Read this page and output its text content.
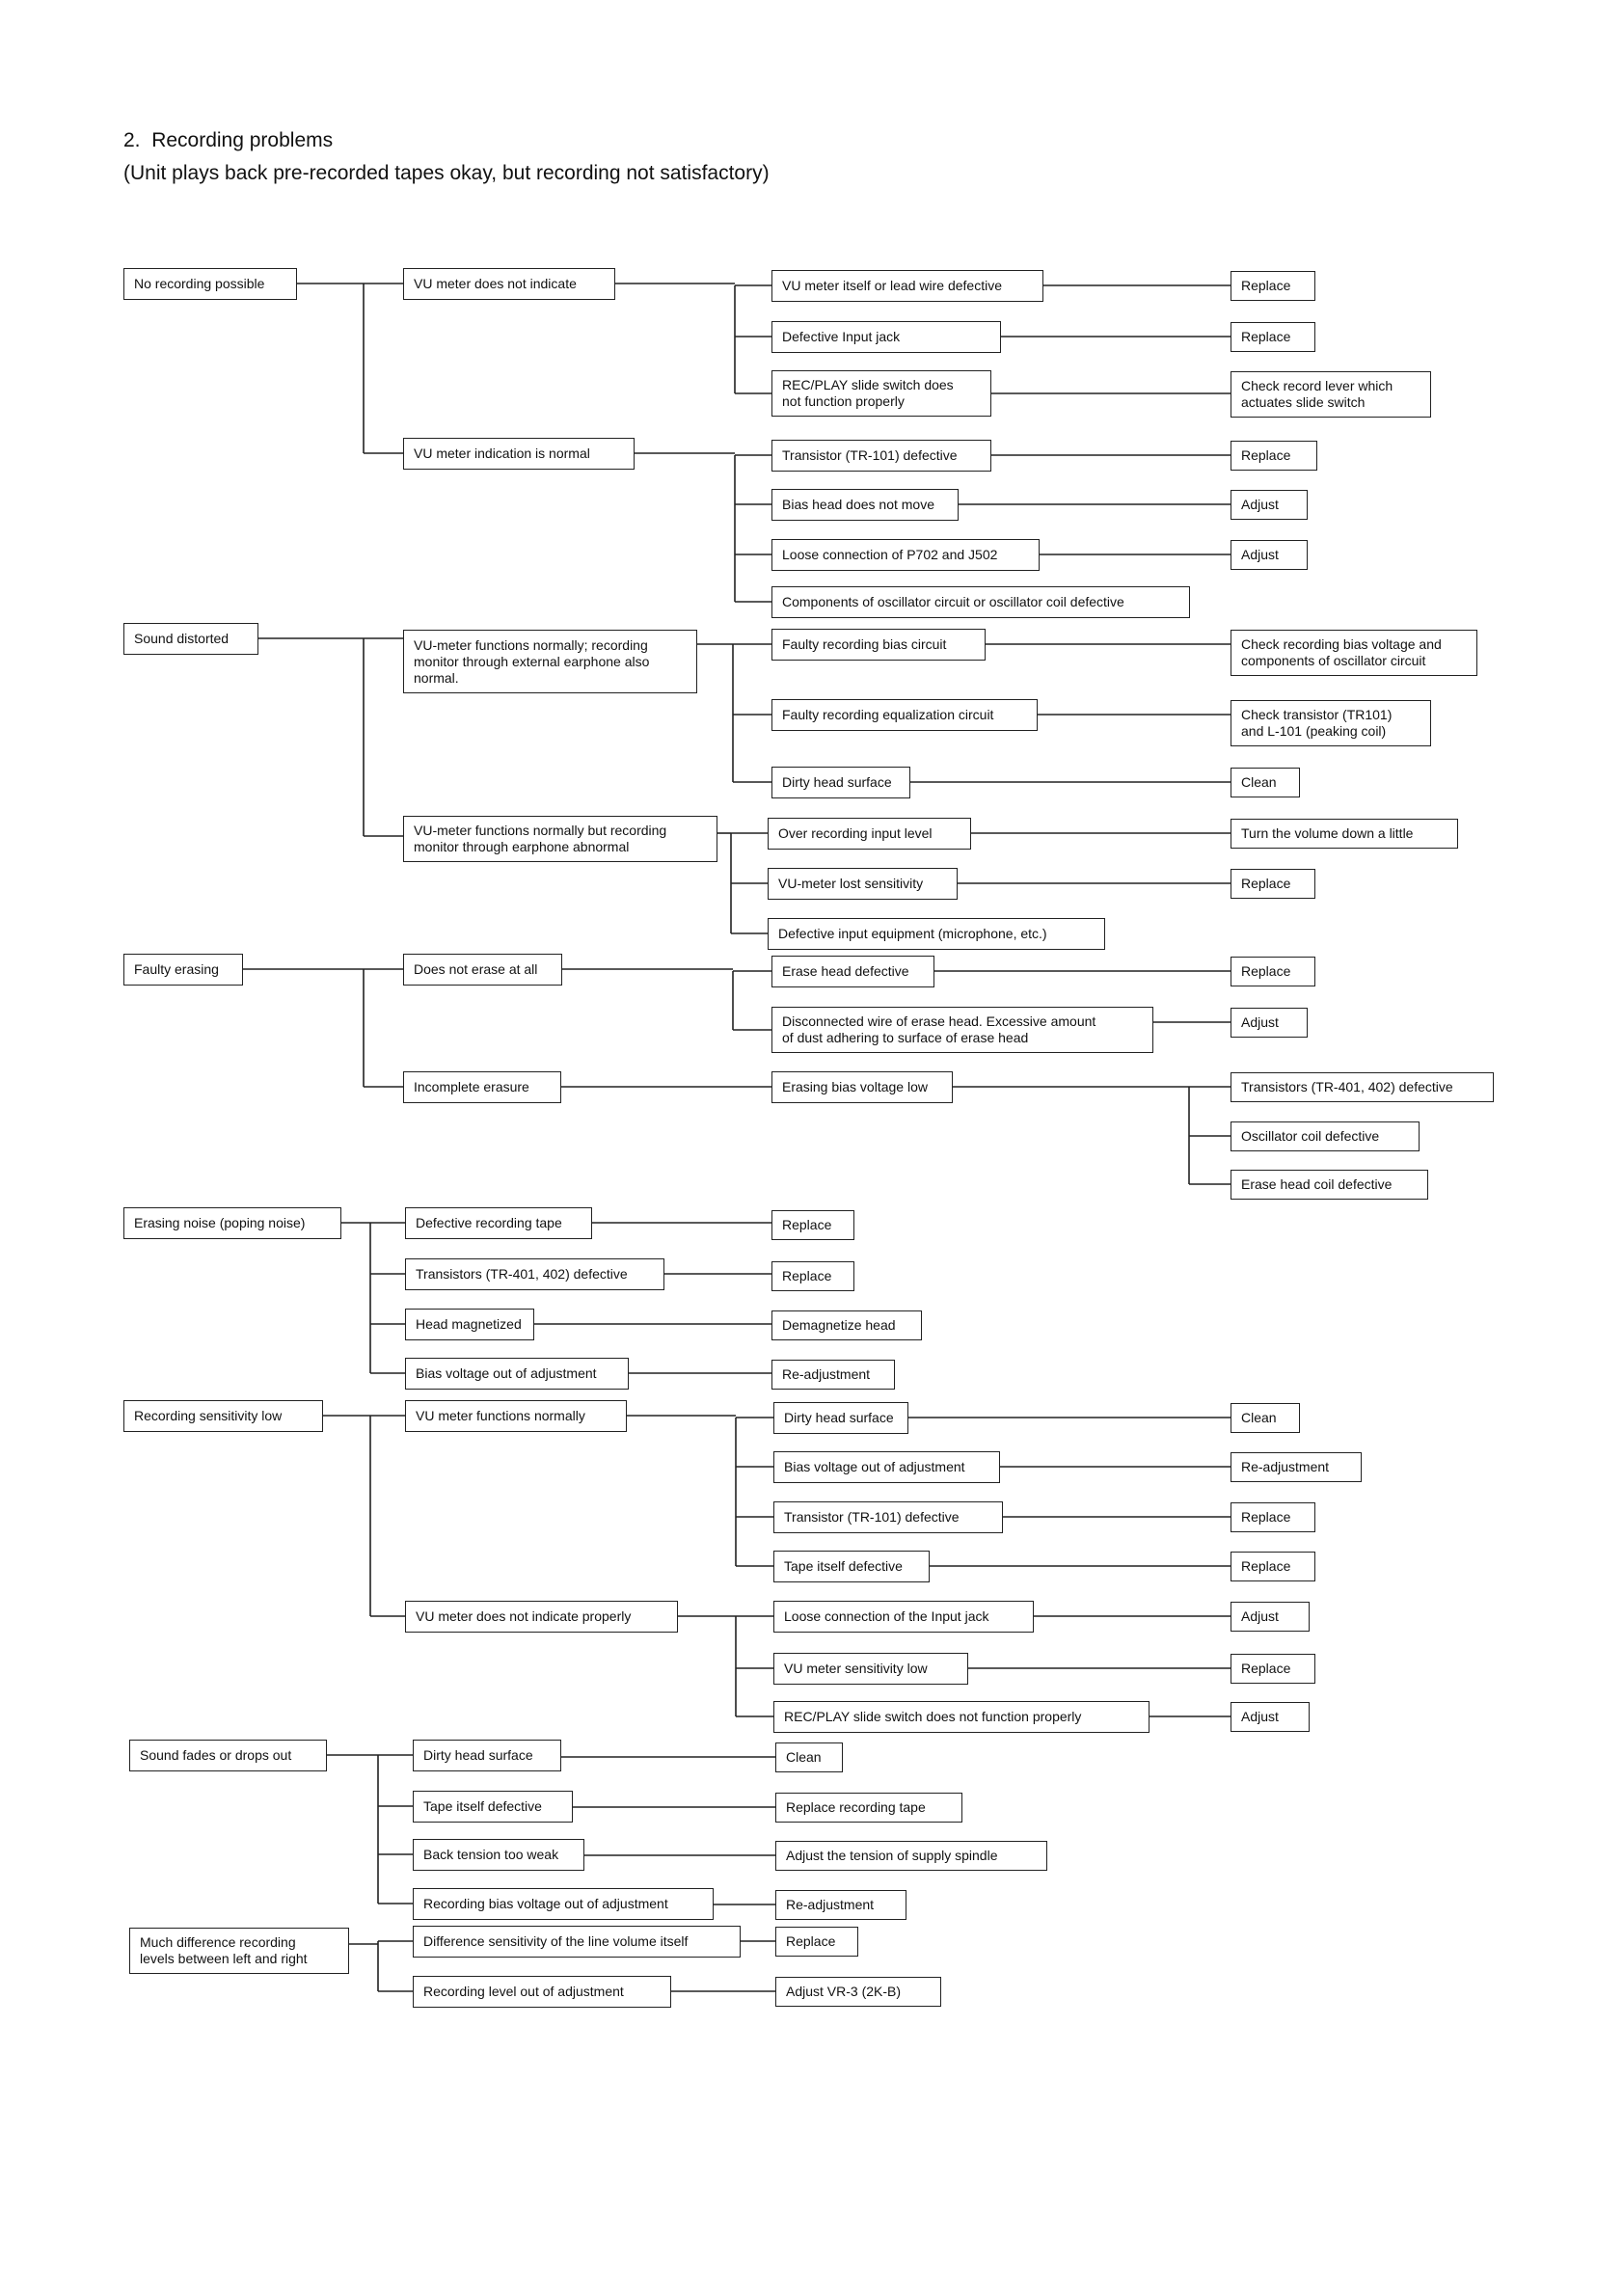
2. Recording problems

(Unit plays back pre-recorded tapes okay, but recording not satisfactory)

No recording possible
Sound distorted
Faulty erasing
Erasing noise (poping noise)
Recording sensitivity low
Sound fades or drops out
Much difference recording
levels between left and right
VU meter does not indicate
VU meter indication is normal
VU-meter functions normally; recording
monitor through external earphone also
normal.
VU-meter functions normally but recording
monitor through earphone abnormal
Does not erase at all
Incomplete erasure
Defective recording tape
Transistors (TR-401, 402) defective
Head magnetized
Bias voltage out of adjustment
VU meter functions normally
VU meter does not indicate properly
Dirty head surface
Tape itself defective
Back tension too weak
Recording bias voltage out of adjustment
Difference sensitivity of the line volume itself
Recording level out of adjustment
VU meter itself or lead wire defective
Defective Input jack
REC/PLAY slide switch does
not function properly
Transistor (TR-101) defective
Bias head does not move
Loose connection of P702 and J502
Components of oscillator circuit or oscillator coil defective
Faulty recording bias circuit
Faulty recording equalization circuit
Dirty head surface
Over recording input level
VU-meter lost sensitivity
Defective input equipment (microphone, etc.)
Erase head defective
Disconnected wire of erase head. Excessive amount
of dust adhering to surface of erase head
Erasing bias voltage low
Replace
Replace
Demagnetize head
Re-adjustment
Dirty head surface
Bias voltage out of adjustment
Transistor (TR-101) defective
Tape itself defective
Loose connection of the Input jack
VU meter sensitivity low
REC/PLAY slide switch does not function properly
Clean
Replace recording tape
Adjust the tension of supply spindle
Re-adjustment
Replace
Adjust VR-3 (2K-B)
Replace
Replace
Check record lever which
actuates slide switch
Replace
Adjust
Adjust
Check recording bias voltage and
components of oscillator circuit
Check transistor (TR101)
and L-101 (peaking coil)
Clean
Turn the volume down a little
Replace
Replace
Adjust
Transistors (TR-401, 402) defective
Oscillator coil defective
Erase head coil defective
Clean
Re-adjustment
Replace
Replace
Adjust
Replace
Adjust
